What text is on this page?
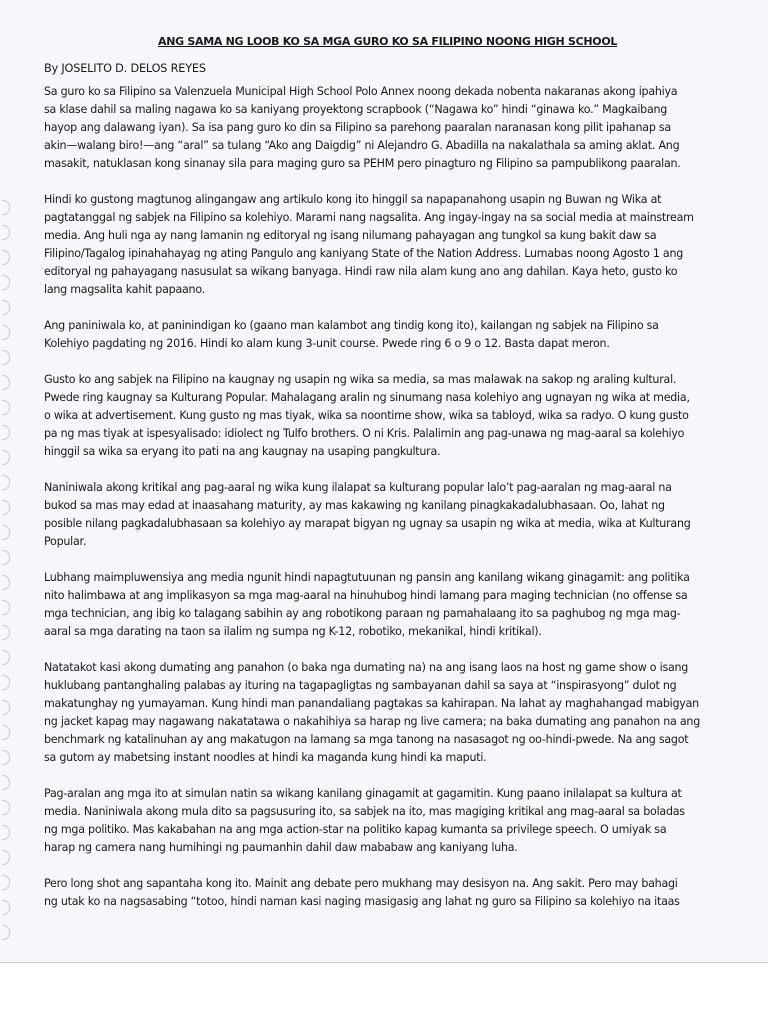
ANG SAMA NG LOOB KO SA MGA GURO KO SA FILIPINO NOONG HIGH SCHOOL
By JOSELITO D. DELOS REYES
Sa guro ko sa Filipino sa Valenzuela Municipal High School Polo Annex noong dekada nobenta nakaranas akong ipahiya
sa klase dahil sa maling nagawa ko sa kaniyang proyektong scrapbook (“Nagawa ko” hindi “ginawa ko.” Magkaibang
hayop ang dalawang iyan). Sa isa pang guro ko din sa Filipino sa parehong paaralan naranasan kong pilit ipahanap sa
akin—walang biro!—ang “aral” sa tulang “Ako ang Daigdig” ni Alejandro G. Abadilla na nakalathala sa aming aklat. Ang
masakit, natuklasan kong sinanay sila para maging guro sa PEHM pero pinagturo ng Filipino sa pampublikong paaralan.
Hindi ko gustong magtunog alingangaw ang artikulo kong ito hinggil sa napapanahong usapin ng Buwan ng Wika at
pagtatanggal ng sabjek na Filipino sa kolehiyo. Marami nang nagsalita. Ang ingay-ingay na sa social media at mainstream
media. Ang huli nga ay nang lamanin ng editoryal ng isang nilumang pahayagan ang tungkol sa kung bakit daw sa
Filipino/Tagalog ipinahahayag ng ating Pangulo ang kaniyang State of the Nation Address. Lumabas noong Agosto 1 ang
editoryal ng pahayagang nasusulat sa wikang banyaga. Hindi raw nila alam kung ano ang dahilan. Kaya heto, gusto ko
lang magsalita kahit papaano.
Ang paniniwala ko, at paninindigan ko (gaano man kalambot ang tindig kong ito), kailangan ng sabjek na Filipino sa
Kolehiyo pagdating ng 2016. Hindi ko alam kung 3-unit course. Pwede ring 6 o 9 o 12. Basta dapat meron.
Gusto ko ang sabjek na Filipino na kaugnay ng usapin ng wika sa media, sa mas malawak na sakop ng araling kultural.
Pwede ring kaugnay sa Kulturang Popular. Mahalagang aralin ng sinumang nasa kolehiyo ang ugnayan ng wika at media,
o wika at advertisement. Kung gusto ng mas tiyak, wika sa noontime show, wika sa tabloyd, wika sa radyo. O kung gusto
pa ng mas tiyak at ispesyalisado: idiolect ng Tulfo brothers. O ni Kris. Palalimin ang pag-unawa ng mag-aaral sa kolehiyo
hinggil sa wika sa eryang ito pati na ang kaugnay na usaping pangkultura.
Naniniwala akong kritikal ang pag-aaral ng wika kung ilalapat sa kulturang popular lalo’t pag-aaralan ng mag-aaral na
bukod sa mas may edad at inaasahang maturity, ay mas kakawing ng kanilang pinagkakadalubhasaan. Oo, lahat ng
posible nilang pagkadalubhasaan sa kolehiyo ay marapat bigyan ng ugnay sa usapin ng wika at media, wika at Kulturang
Popular.
Lubhang maimpluwensiya ang media ngunit hindi napagtutuunan ng pansin ang kanilang wikang ginagamit: ang politika
nito halimbawa at ang implikasyon sa mga mag-aaral na hinuhubog hindi lamang para maging technician (no offense sa
mga technician, ang ibig ko talagang sabihin ay ang robotikong paraan ng pamahalaang ito sa paghubog ng mga mag-
aaral sa mga darating na taon sa ilalim ng sumpa ng K-12, robotiko, mekanikal, hindi kritikal).
Natatakot kasi akong dumating ang panahon (o baka nga dumating na) na ang isang laos na host ng game show o isang
huklubang pantanghaling palabas ay ituring na tagapagligtas ng sambayanan dahil sa saya at “inspirasyong” dulot ng
makatunghay ng yumayaman. Kung hindi man panandaliang pagtakas sa kahirapan. Na lahat ay maghahangad mabigyan
ng jacket kapag may nagawang nakatatawa o nakahihiya sa harap ng live camera; na baka dumating ang panahon na ang
benchmark ng katalinuhan ay ang makatugon na lamang sa mga tanong na nasasagot ng oo-hindi-pwede. Na ang sagot
sa gutom ay mabetsing instant noodles at hindi ka maganda kung hindi ka maputi.
Pag-aralan ang mga ito at simulan natin sa wikang kanilang ginagamit at gagamitin. Kung paano inilalapat sa kultura at
media. Naniniwala akong mula dito sa pagsusuring ito, sa sabjek na ito, mas magiging kritikal ang mag-aaral sa boladas
ng mga politiko. Mas kakabahan na ang mga action-star na politiko kapag kumanta sa privilege speech. O umiyak sa
harap ng camera nang humihingi ng paumanhin dahil daw mababaw ang kaniyang luha.
Pero long shot ang sapantaha kong ito. Mainit ang debate pero mukhang may desisyon na. Ang sakit. Pero may bahagi
ng utak ko na nagsasabing “totoo, hindi naman kasi naging masigasig ang lahat ng guro sa Filipino sa kolehiyo na itaas
